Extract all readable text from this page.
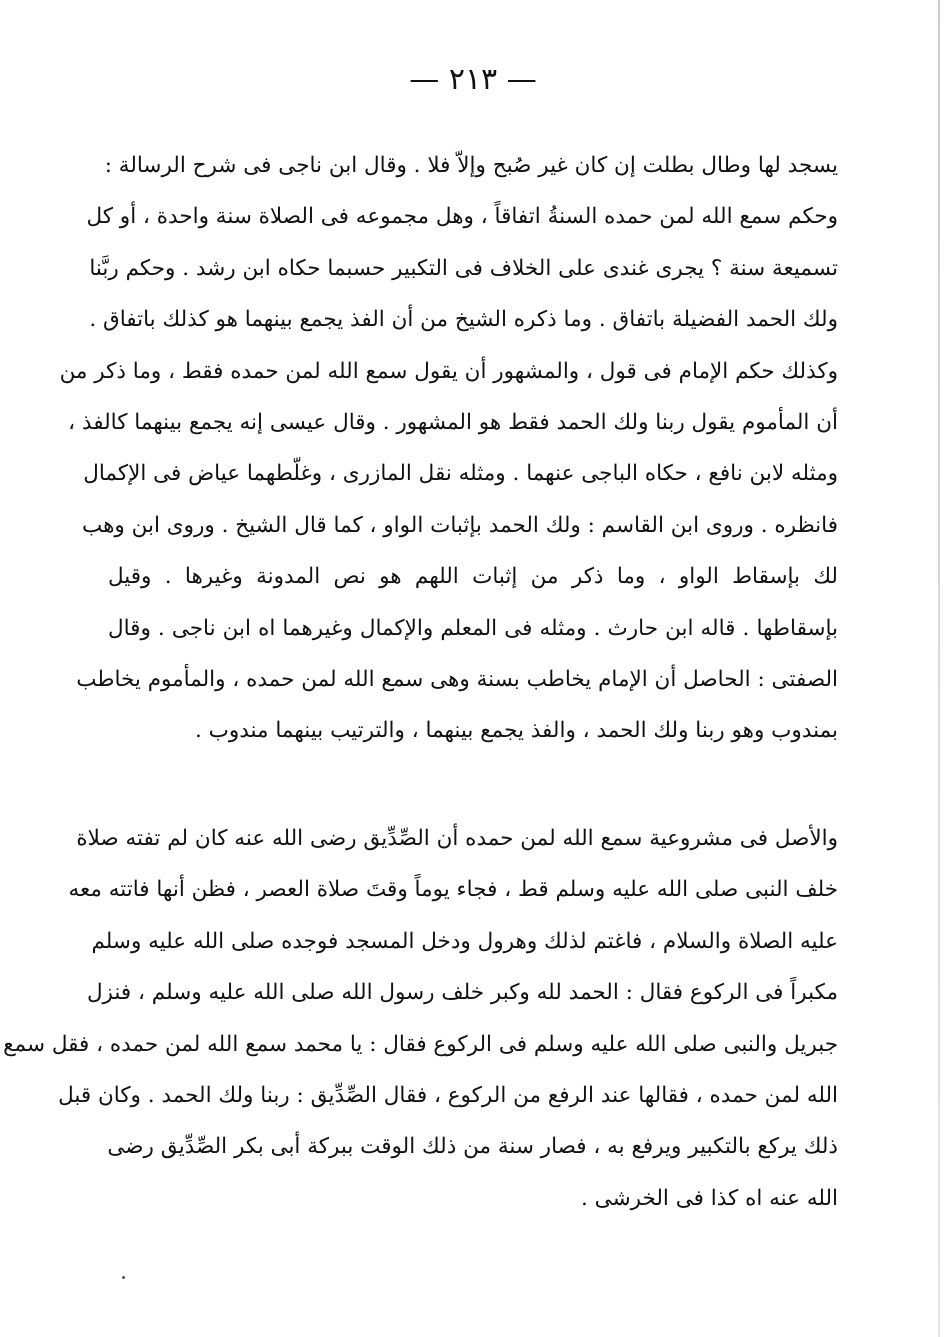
— ٢١٣ —
يسجد لها وطال بطلت إن كان غير صُبح وإلاّ فلا . وقال ابن ناجى فى شرح الرسالة :
وحكم سمع الله لمن حمده السنةُ اتفاقاً ، وهل مجموعه فى الصلاة سنة واحدة ، أو كل
تسميعة سنة ؟ يجرى غندى على الخلاف فى التكبير حسبما حكاه ابن رشد . وحكم ربَّنا
ولك الحمد الفضيلة باتفاق . وما ذكره الشيخ من أن الفذ يجمع بينهما هو كذلك باتفاق .
وكذلك حكم الإمام فى قول ، والمشهور أن يقول سمع الله لمن حمده فقط ، وما ذكر من
أن المأموم يقول ربنا ولك الحمد فقط هو المشهور . وقال عيسى إنه يجمع بينهما كالفذ ،
ومثله لابن نافع ، حكاه الباجى عنهما . ومثله نقل المازرى ، وغلّطهما عياض فى الإكمال
فانظره . وروى ابن القاسم : ولك الحمد بإثبات الواو ، كما قال الشيخ . وروى ابن وهب
لك بإسقاط الواو ، وما ذكر من إثبات اللهم هو نص المدونة وغيرها . وقيل
بإسقاطها . قاله ابن حارث . ومثله فى المعلم والإكمال وغيرهما اه ابن ناجى . وقال
الصفتى : الحاصل أن الإمام يخاطب بسنة وهى سمع الله لمن حمده ، والمأموم يخاطب
بمندوب وهو ربنا ولك الحمد ، والفذ يجمع بينهما ، والترتيب بينهما مندوب .
والأصل فى مشروعية سمع الله لمن حمده أن الصِّدِّيق رضى الله عنه كان لم تفته صلاة
خلف النبى صلى الله عليه وسلم قط ، فجاء يوماً وقتَ صلاة العصر ، فظن أنها فاتته معه
عليه الصلاة والسلام ، فاغتم لذلك وهرول ودخل المسجد فوجده صلى الله عليه وسلم
مكبراً فى الركوع فقال : الحمد لله وكبر خلف رسول الله صلى الله عليه وسلم ، فنزل
جبريل والنبى صلى الله عليه وسلم فى الركوع فقال : يا محمد سمع الله لمن حمده ، فقل سمع
الله لمن حمده ، فقالها عند الرفع من الركوع ، فقال الصِّدِّيق : ربنا ولك الحمد . وكان قبل
ذلك يركع بالتكبير ويرفع به ، فصار سنة من ذلك الوقت ببركة أبى بكر الصِّدِّيق رضى
الله عنه اه كذا فى الخرشى .
